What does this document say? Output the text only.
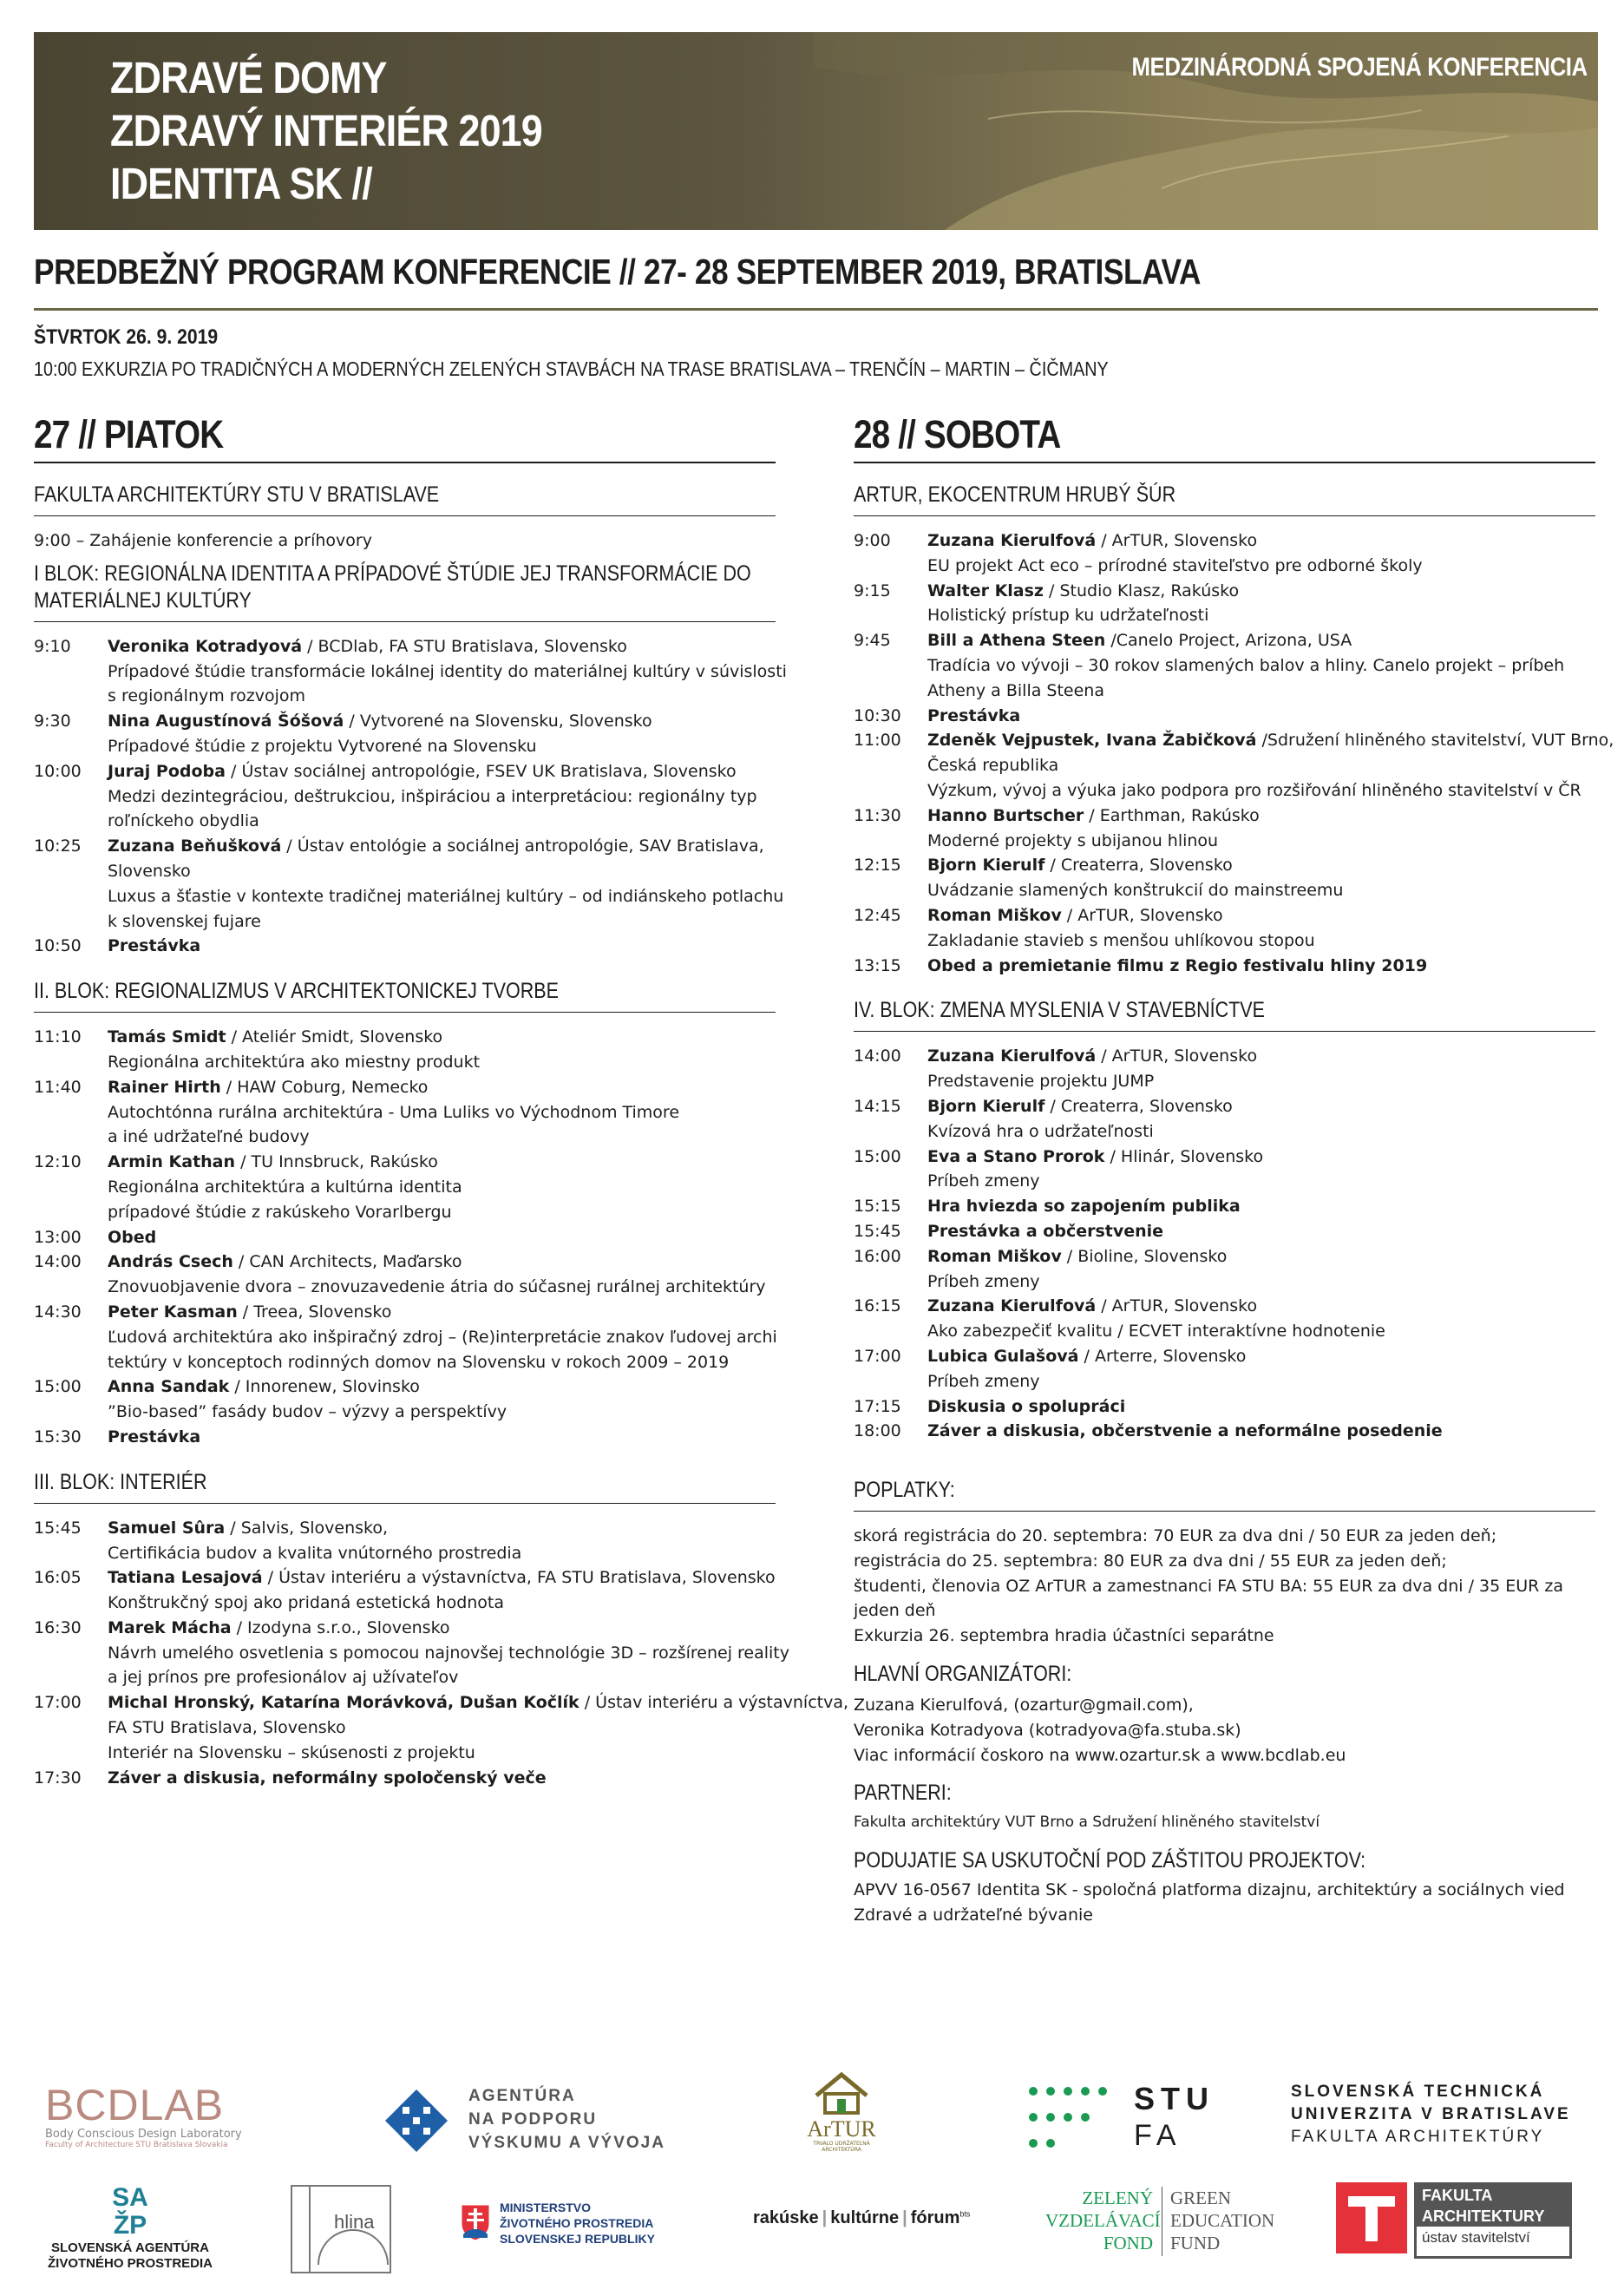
ZDRAVÉ DOMY
ZDRAVÝ INTERIÉR 2019
IDENTITA SK //
MEDZINÁRODNÁ SPOJENÁ KONFERENCIA
PREDBEŽNÝ PROGRAM KONFERENCIE // 27- 28 SEPTEMBER 2019, BRATISLAVA
ŠTVRTOK 26. 9. 2019
10:00 EXKURZIA PO TRADIČNÝCH A MODERNÝCH ZELENÝCH STAVBÁCH NA TRASE BRATISLAVA – TRENČÍN – MARTIN – ČIČMANY
27 // PIATOK
FAKULTA ARCHITEKTÚRY STU V BRATISLAVE
9:00 – Zahájenie konferencie a príhovory
I BLOK: REGIONÁLNA IDENTITA A PRÍPADOVÉ ŠTÚDIE JEJ TRANSFORMÁCIE DO MATERIÁLNEJ KULTÚRY
9:10 Veronika Kotradyová / BCDlab, FA STU Bratislava, Slovensko
Prípadové štúdie transformácie lokálnej identity do materiálnej kultúry v súvislosti
s regionálnym rozvojom
9:30 Nina Augustínová Šóšová / Vytvorené na Slovensku, Slovensko
Prípadové štúdie z projektu Vytvorené na Slovensku
10:00 Juraj Podoba / Ústav sociálnej antropológie, FSEV UK Bratislava, Slovensko
Medzi dezintegráciou, deštrukciou, inšpiráciou a interpretáciou: regionálny typ
roľníckeho obydlia
10:25 Zuzana Beňušková / Ústav entológie a sociálnej antropológie, SAV Bratislava,
Slovensko
Luxus a šťastie v kontexte tradičnej materiálnej kultúry – od indiánskeho potlachu
k slovenskej fujare
10:50 Prestávka
II. BLOK: REGIONALIZMUS V ARCHITEKTONICKEJ TVORBE
11:10 Tamás Smidt / Ateliér Smidt, Slovensko
Regionálna architektúra ako miestny produkt
11:40 Rainer Hirth / HAW Coburg, Nemecko
Autochtónna rurálna architektúra - Uma Luliks vo Východnom Timore
a iné udržateľné budovy
12:10 Armin Kathan / TU Innsbruck, Rakúsko
Regionálna architektúra a kultúrna identita
prípadové štúdie z rakúskeho Vorarlbergu
13:00 Obed
14:00 András Csech / CAN Architects, Maďarsko
Znovuobjavenie dvora – znovuzavedenie átria do súčasnej rurálnej architektúry
14:30 Peter Kasman / Treea, Slovensko
Ľudová architektúra ako inšpiračný zdroj – (Re)interpretácie znakov ľudovej archi
tektúry v konceptoch rodinných domov na Slovensku v rokoch 2009 – 2019
15:00 Anna Sandak / Innorenew, Slovinsko
”Bio-based” fasády budov – výzvy a perspektívy
15:30 Prestávka
III. BLOK: INTERIÉR
15:45 Samuel Sûra / Salvis, Slovensko,
Certifikácia budov a kvalita vnútorného prostredia
16:05 Tatiana Lesajová / Ústav interiéru a výstavníctva, FA STU Bratislava, Slovensko
Konštrukčný spoj ako pridaná estetická hodnota
16:30 Marek Mácha / Izodyna s.r.o., Slovensko
Návrh umelého osvetlenia s pomocou najnovšej technológie 3D – rozšírenej reality
a jej prínos pre profesionálov aj užívateľov
17:00 Michal Hronský, Katarína Morávková, Dušan Kočlík / Ústav interiéru a výstavníctva,
FA STU Bratislava, Slovensko
Interiér na Slovensku – skúsenosti z projektu
17:30 Záver a diskusia, neformálny spoločenský veče
28 // SOBOTA
ARTUR, EKOCENTRUM HRUBÝ ŠÚR
9:00 Zuzana Kierulfová / ArTUR, Slovensko
EU projekt Act eco – prírodné staviteľstvo pre odborné školy
9:15 Walter Klasz / Studio Klasz, Rakúsko
Holistický prístup ku udržateľnosti
9:45 Bill a Athena Steen /Canelo Project, Arizona, USA
Tradícia vo vývoji – 30 rokov slamených balov a hliny. Canelo projekt – príbeh
Atheny a Billa Steena
10:30 Prestávka
11:00 Zdeněk Vejpustek, Ivana Žabičková /Sdružení hliněného stavitelství, VUT Brno,
Česká republika
Výzkum, vývoj a výuka jako podpora pro rozšiřování hliněného stavitelství v ČR
11:30 Hanno Burtscher / Earthman, Rakúsko
Moderné projekty s ubijanou hlinou
12:15 Bjorn Kierulf / Createrra, Slovensko
Uvádzanie slamených konštrukcií do mainstreemu
12:45 Roman Miškov / ArTUR, Slovensko
Zakladanie stavieb s menšou uhlíkovou stopou
13:15 Obed a premietanie filmu z Regio festivalu hliny 2019
IV. BLOK: ZMENA MYSLENIA V STAVEBNÍCTVE
14:00 Zuzana Kierulfová / ArTUR, Slovensko
Predstavenie projektu JUMP
14:15 Bjorn Kierulf / Createrra, Slovensko
Kvízová hra o udržateľnosti
15:00 Eva a Stano Prorok / Hlinár, Slovensko
Príbeh zmeny
15:15 Hra hviezda so zapojením publika
15:45 Prestávka a občerstvenie
16:00 Roman Miškov / Bioline, Slovensko
Príbeh zmeny
16:15 Zuzana Kierulfová / ArTUR, Slovensko
Ako zabezpečiť kvalitu / ECVET interaktívne hodnotenie
17:00 Lubica Gulašová / Arterre, Slovensko
Príbeh zmeny
17:15 Diskusia o spolupráci
18:00 Záver a diskusia, občerstvenie a neformálne posedenie
POPLATKY:
skorá registrácia do 20. septembra: 70 EUR za dva dni / 50 EUR za jeden deň;
registrácia do 25. septembra: 80 EUR za dva dni / 55 EUR za jeden deň;
študenti, členovia OZ ArTUR a zamestnanci FA STU BA: 55 EUR za dva dni / 35 EUR za
jeden deň
Exkurzia 26. septembra hradia účastníci separátne
HLAVNÍ ORGANIZÁTORI:
Zuzana Kierulfová, (ozartur@gmail.com),
Veronika Kotradyova (kotradyova@fa.stuba.sk)
Viac informácií čoskoro na www.ozartur.sk a www.bcdlab.eu
PARTNERI:
Fakulta architektúry VUT Brno a Sdružení hliněného stavitelství
PODUJATIE SA USKUTOČNÍ POD ZÁŠTITOU PROJEKTOV:
APVV 16-0567 Identita SK - spoločná platforma dizajnu, architektúry a sociálnych vied
Zdravé a udržateľné bývanie
BCDLAB
Body Conscious Design Laboratory
Faculty of Architecture STU Bratislava Slovakia
AGENTÚRA
NA PODPORU
VÝSKUMU A VÝVOJA
ArTUR
TRVALO UDRŽATEĽNÁ ARCHITEKTÚRA
STU
FA
SLOVENSKÁ TECHNICKÁ
UNIVERZITA V BRATISLAVE
FAKULTA ARCHITEKTÚRY
SA
ŽP
SLOVENSKÁ AGENTÚRA
ŽIVOTNÉHO PROSTREDIA
hlina
MINISTERSTVO
ŽIVOTNÉHO PROSTREDIA
SLOVENSKEJ REPUBLIKY
rakúske | kultúrne | fórum$^{bts}$
ZELENÝ
VZDELÁVACÍ
FOND
GREEN
EDUCATION
FUND
FAKULTA
ARCHITEKTURY
ústav stavitelství
